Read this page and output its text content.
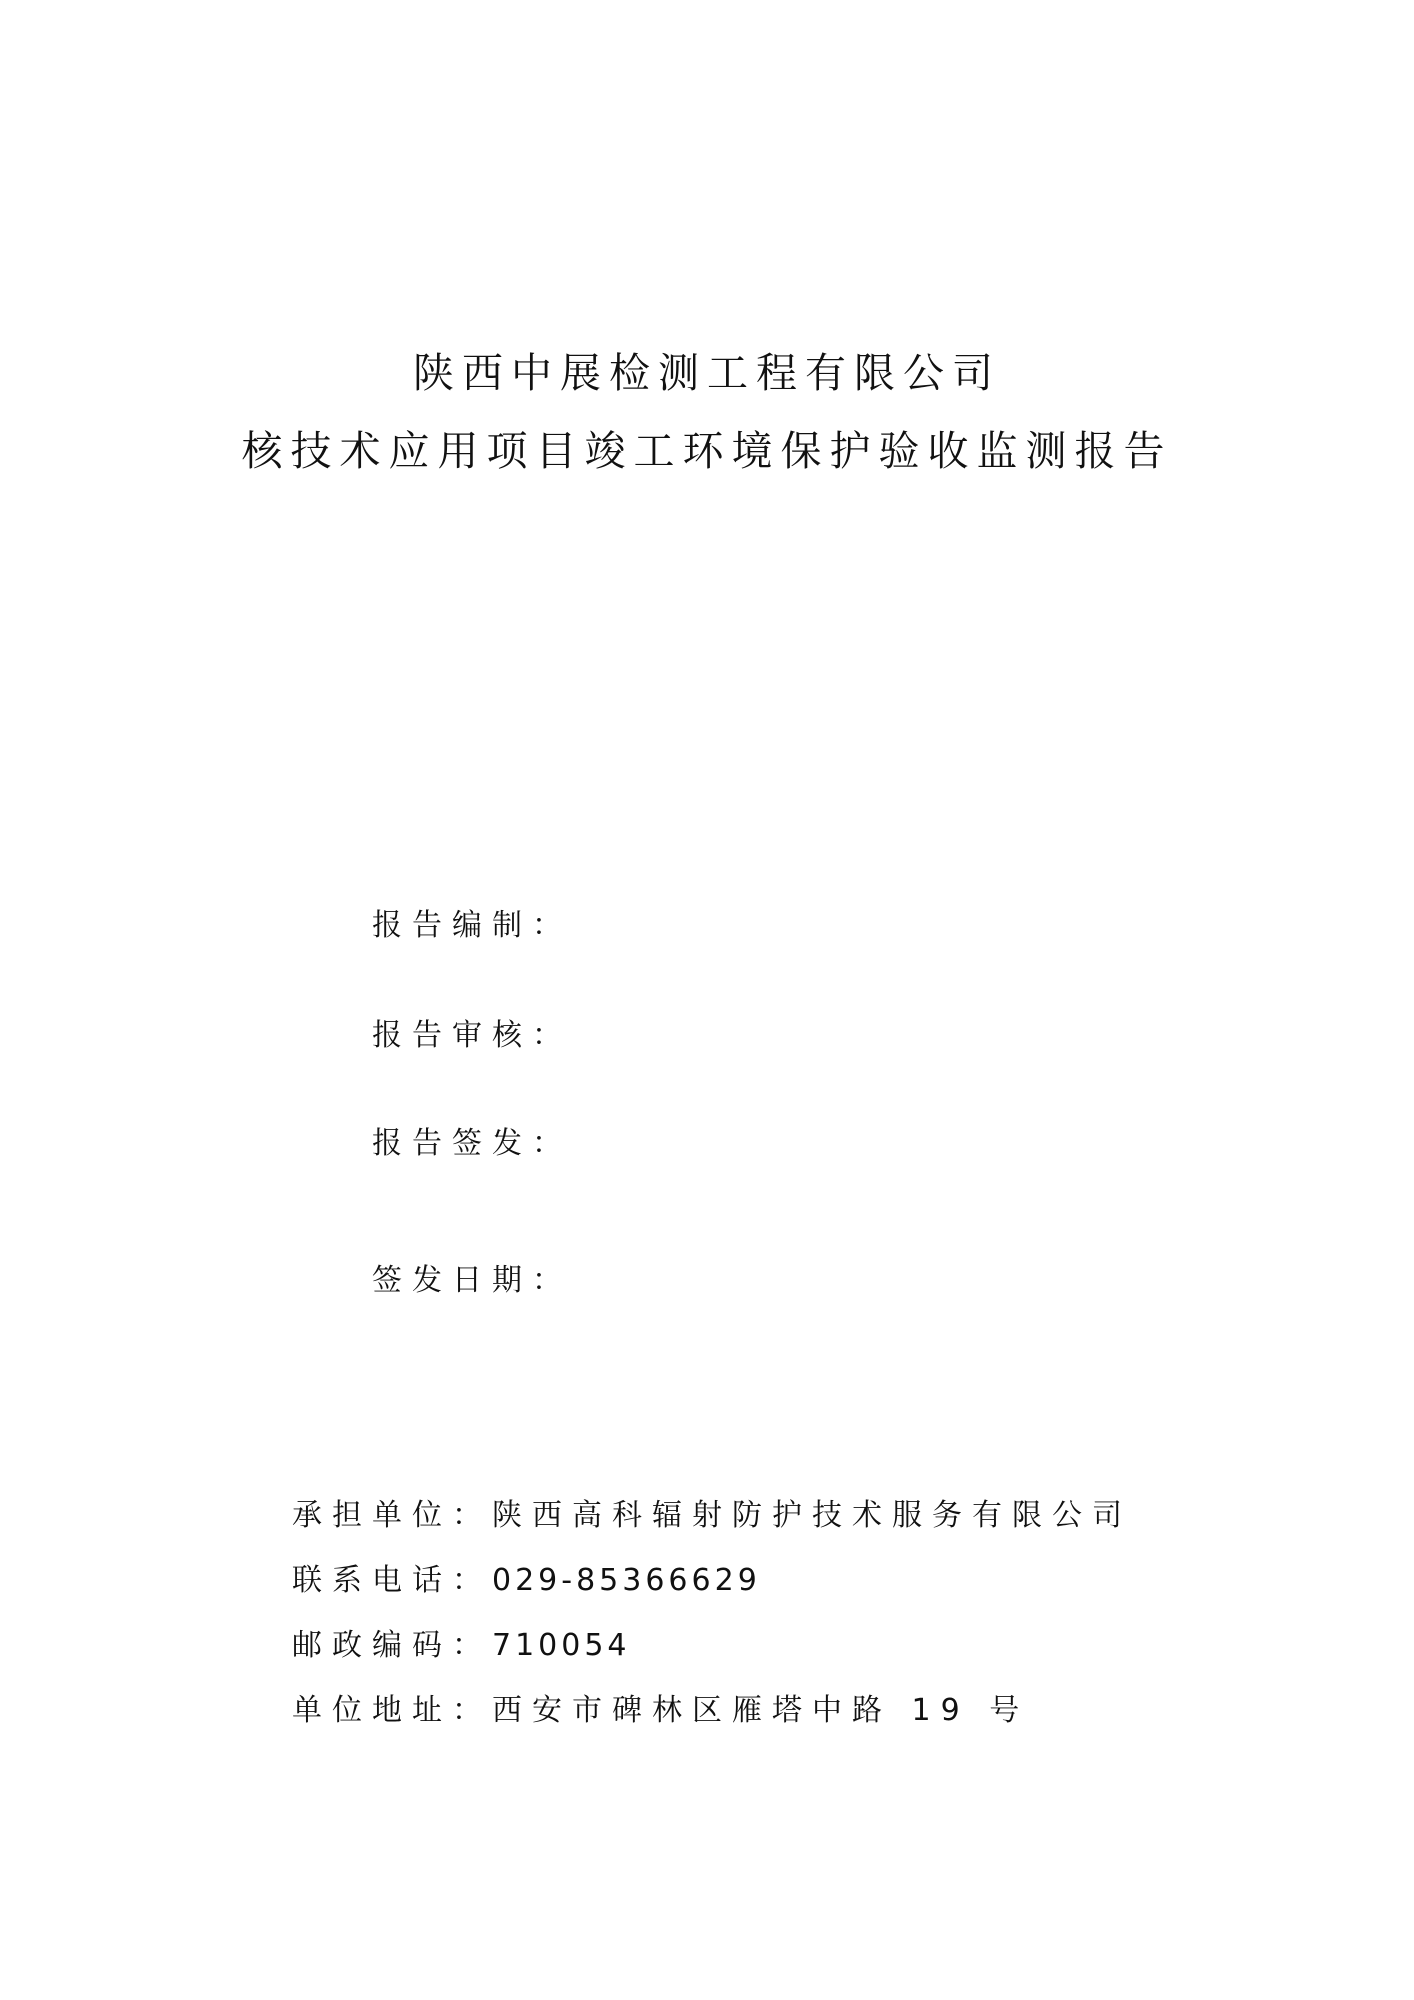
陕西中展检测工程有限公司
核技术应用项目竣工环境保护验收监测报告
报告编制：
报告审核：
报告签发：
签发日期：
承担单位：陕西高科辐射防护技术服务有限公司
联系电话：029-85366629
邮政编码：710054
单位地址：西安市碑林区雁塔中路 19 号
